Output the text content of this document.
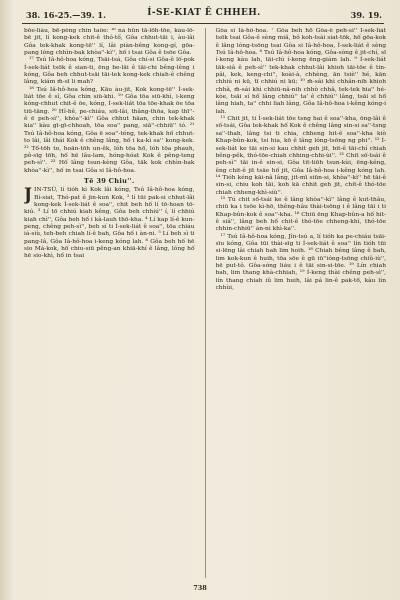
38. 16-25.—39. 1.	Í-SE-KIAT Ê CHHEH.	39. 19.

bōe-liâu, bē-pêng chin taôe: ¹⁶ ná hūn tā-lō͘h-tōe, kâu-lō͘-bē jit, lí kong-kek chit-ê thó-tô͘, Gôa chhut-tāi i, àu-lâi Gôa tek-khak kong-tē'' lí, lâi piàn-bêng kong-gí, gōa-pang lóng chhìn-bak khòa''-kì'', hō͘ i tsai Gôa ê tsōe Gôa.

¹⁷ Tsú Iâ-hô-hoa kóng, Tsāi-tsá, Gôa chí-si Gôa-ê lō͘-pok Í-sek-liát tsōk ê sian-ti, ēng be-lāi ê tāi-chi bêng-lêng i kóng, Gôa beh chhut-tsāi tāi-tek kong-kek chiah-ê chêng lâng, kiám m̄-sī li mah?

¹⁸ Tsú Iâ-hô-hoa kóng, Kāu àu-jit, Kok kong-tē'' Í-sek-liát tōe ê sî, Gôa chin siū-khì. ¹⁹ Gôa tōa siū-khì, i-keng kóng-chhut chit-ê ōe, kóng, Í-sek-liát tōa tōe-khak ōe tōa tiū-tāng. ²⁰ Hî-hê, pe-chiáu, siū-lâi, thâng-thōa, kap thī''-ê ē peh-sì'', khòa''-kì'' Gôa chhut hāan, chin tek-khak kia'' kàu gī-gī-chhoah, tōa soa'' pang, siā''-chhiū'' tó. ²¹ Tsú Iâ-hô-hoa kóng, Gôa ē soa''-téng, tek-khak hō͘ chhut-to lâi, lâi thái Kok ê chêng lâng, hō͘ i ka-kì sa'' kong-kek. ²² Tō͘-tōh to, hoān-tōh un-êk, lóh tōa hō͘, lóh tōa phauh, pô-sīg tōh, hō͘ hē lâu-lam, hóng-hóat Kok ê pêng-teng peh-sì''. ²³ Hō͘ lâng tsun-kèng Gôa, tāk kok chhìn-bak khòa''-kì'', hō͘ in tsai Gôa si Iâ-hô-hoa.

Tē 39 Chiu''.

JIN-TSÚ, lí tióh kì Kok lâi kóng, Tsú Iâ-hô-hoa kóng, Bí-siat, Thó-pat ê jin-kun Kok, ² lí tūi pak-si chhut-lâi kong-kek Í-sek-liát ê soa'', chit beh hō͘ lí tō-hoan tō-kiú. ³ Lí tō chhiú kiah kêng, Gôa beh chhiú'' í, lí chhiú kiah chì'', Gôa beh hō͘ i kà-lauh thō-kha. ⁴ Lí kap lí-ê kun-peng, chêng peh-sì'', beh sí ti Í-sek-liát ê soa'', tōa chiáu iá-siù, teh-beh chiah lí-ê bah, Gôa hō͘ i àn-ni. ⁵ Lí beh sì ti pang-lâ, Gôa Iâ-hô-hoa i-keng kóng lah. ⁶ Gôa beh hō͘ hē sio Má-kok, hō͘ chiu-siū pêng-an khiā-khí ê lâng, lóng hō͘ hē sio-khì, hō͘ in tsai

Gôa si Iâ-hô-hoa. ⁷ Gôa beh hō͘ Gôa-ê peh-sì'' Í-sek-liát tsōk tsai Gôa-ê sèng miâ, bô koh-tsài siat-tōk, hō͘ gōa-kok ê lâng lóng-tsōng tsai Gôa si Iâ-hô-hoa, Í-sek-liát ê sèng Tsú Iâ-hô-hoa. ⁸ Tsú Iâ-hô-hoa kóng, Gôa-sóng ê jit-chí, sī í-keng kàu lah, tāi-chì í-keng ēng-giám lah. ⁹ Í-sek-liát tāk-siâ ê peh-sì'' tek-khak chhut-lâi khioh tāi-tōe ê tin-pâi, kek, keng-chi'', koài-à, chhèng, ān tsiè'' hé, kān chhiú ni kū, tī chhiú ni kū; ¹⁰ m̄-sái khì chhân-nih khioh chhâ, m̄-sái khì chhiū-nâ-nih chhò chhâ, tek-tek hia'' hé-kòe, tsāi sí hō͘ lâng chhiú'' ta' ê chhiú'' lâng, tsāi sī hō͘ lâng hiah, ta'' chhi liah lâng, Gôa Iâ-hô-hoa i-kêng kóng-i lah.

¹¹ Chit jit, ti Í-sek-liát tōe tsng hai ê soa''-kha, ōng-lâi ê sō͘-tsái, Gôa tek-khak hō͘ Kok ê chêng lâng sin-si sa''-tsng sa''-thah, lâng tsi ti chia, chheng hit-ê soa''-kha kiò Khap-bûn-kok, tsi hia, kō ê lâng lóng-tsōng ng phi''. ¹² Í-sek-liát ke tāi sin-si kau chhit geh jit, bit-ê tāi-chí chiah bêng-pêk, thó-tōe-chiah chhing-chhi-ùi''. ¹³ Chit sō͘-tsái ê peh-sì'' tāi in-ê sin-si, Gôa tit-tiōh tsun-kùi, ēng-kêng, êng chit-ê jit tsāe hō͘ jit, Gôa Iâ-hô-hoa i-kêng kóng lah. ¹⁴ Tióh kéng kāi-nâ lâng, jit-mī siūn-si, khòa''-kì'' hē tāi-ê sin-si, chiu koh tāi, koh kā chhit geh jit, chit-ê thó-tōe chiah chheng-khì-siù''.

¹⁵ Tú chit sō͘-tsái ke ê lâng khòa''-kì'' lâng ê kut-thâu, chiū ka i tsōe kì-hō, thêng-hâu thài-tsōng i ê lâng tāi i ti Khap-bûn-kok ê soa''-kha. ¹⁶ Chiū ēng Khap-bûn-a hō͘ hit-ê siâ'', lâng beh hō͘ chit-ê thó-tōe chheng-khì, thó-tōe chhin-chhiū'' án-ni khì-ka''.

¹⁷ Tsú Iâ-hô-hoa kóng, Jîn-tsú a, lí tióh ka pe-chiáu tsāi-sīu kóng, Gôa tūi thài-sīg ti Í-sek-liát ê soa'' lín tióh tūi si-lēng lâi chiah bah lim hoih. ¹⁸ Chiah bêng lâng ê bah, lim kok-kun ê huih, tōa sōe ê gū iū''ióng-tsōng chiû-iù'', hē put-tô. Gôa-sóng liáu i ê tāi sin-si-tōe. ¹⁹ Lín chiah bah, lim thang khà-chhiah, ¹⁹ Í-keng thài chêng peh-sì'', lín thang chiah iû lim huih, lâi pá lin-ê pak-tō͘, kàu lín chhùi,

738
